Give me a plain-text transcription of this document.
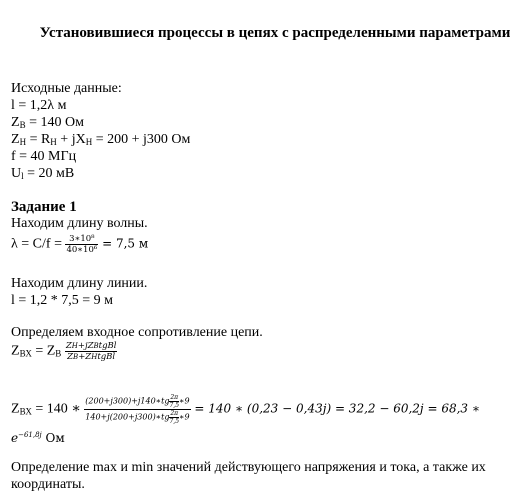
Установившиеся процессы в цепях с распределенными параметрами
Исходные данные:
l = 1,2λ м
$Z_В = 140$ Ом
$Z_Н = R_Н + jX_Н = 200 + j300$ Ом
f = 40 МГц
$U_l = 20$ мВ
Задание 1
Находим длину волны.
$\lambda = C/f = \frac{\text{3∗10⁸}}{\text{40∗10⁶}} = 7,5$ м
Находим длину линии.
l = 1,2 * 7,5 = 9 м
Определяем входное сопротивление цепи.
$Z_{ВХ} = Z_В \frac{\text{ZН+jZВtgBl}}{\text{ZВ+ZНtgBl}}$
$Z_{ВХ} = 140$ ∗ $\frac{(200+j300)+j140∗tg \frac{2\pi}{7,5} ∗9}{140+j(200+j300)∗tg \frac{2\pi}{7,5} ∗9} = 140$ ∗ (0,23 − 0,43j) = 32,2 − 60,2j = 68,3 ∗
$e^{-61,8j}$ Ом
Определение max и min значений действующего напряжения и тока, а также их
координаты.
